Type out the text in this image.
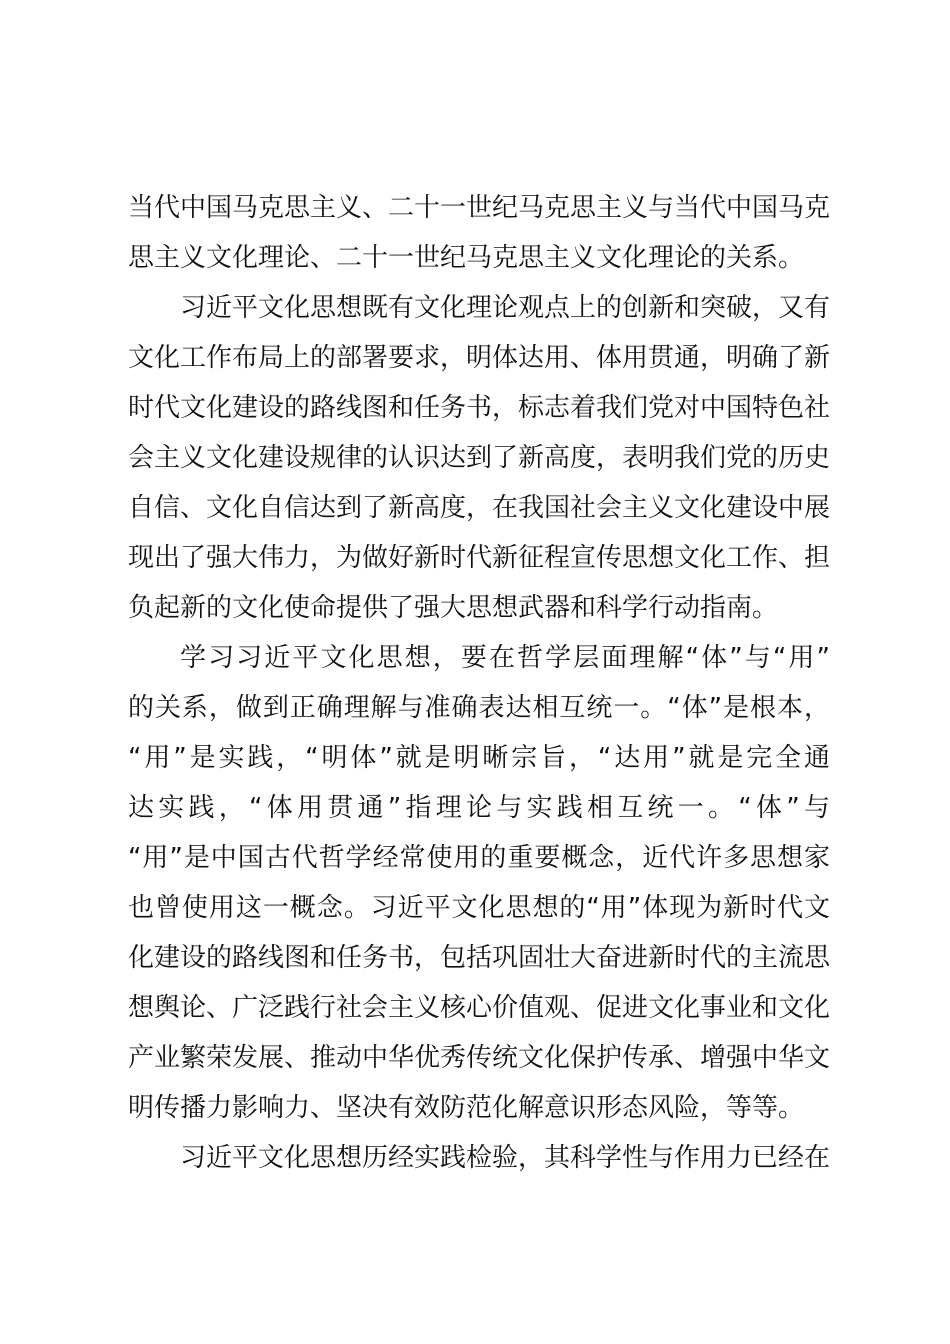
当代中国马克思主义、二十一世纪马克思主义与当代中国马克
思主义文化理论、二十一世纪马克思主义文化理论的关系。
习近平文化思想既有文化理论观点上的创新和突破，又有
文化工作布局上的部署要求，明体达用、体用贯通，明确了新
时代文化建设的路线图和任务书，标志着我们党对中国特色社
会主义文化建设规律的认识达到了新高度，表明我们党的历史
自信、文化自信达到了新高度，在我国社会主义文化建设中展
现出了强大伟力，为做好新时代新征程宣传思想文化工作、担
负起新的文化使命提供了强大思想武器和科学行动指南。
学习习近平文化思想，要在哲学层面理解“体”与“用”
的关系，做到正确理解与准确表达相互统一。“体”是根本，
“用”是实践，“明体”就是明晰宗旨，“达用”就是完全通
达实践，“体用贯通”指理论与实践相互统一。“体”与
“用”是中国古代哲学经常使用的重要概念，近代许多思想家
也曾使用这一概念。习近平文化思想的“用”体现为新时代文
化建设的路线图和任务书，包括巩固壮大奋进新时代的主流思
想舆论、广泛践行社会主义核心价值观、促进文化事业和文化
产业繁荣发展、推动中华优秀传统文化保护传承、增强中华文
明传播力影响力、坚决有效防范化解意识形态风险，等等。
习近平文化思想历经实践检验，其科学性与作用力已经在
